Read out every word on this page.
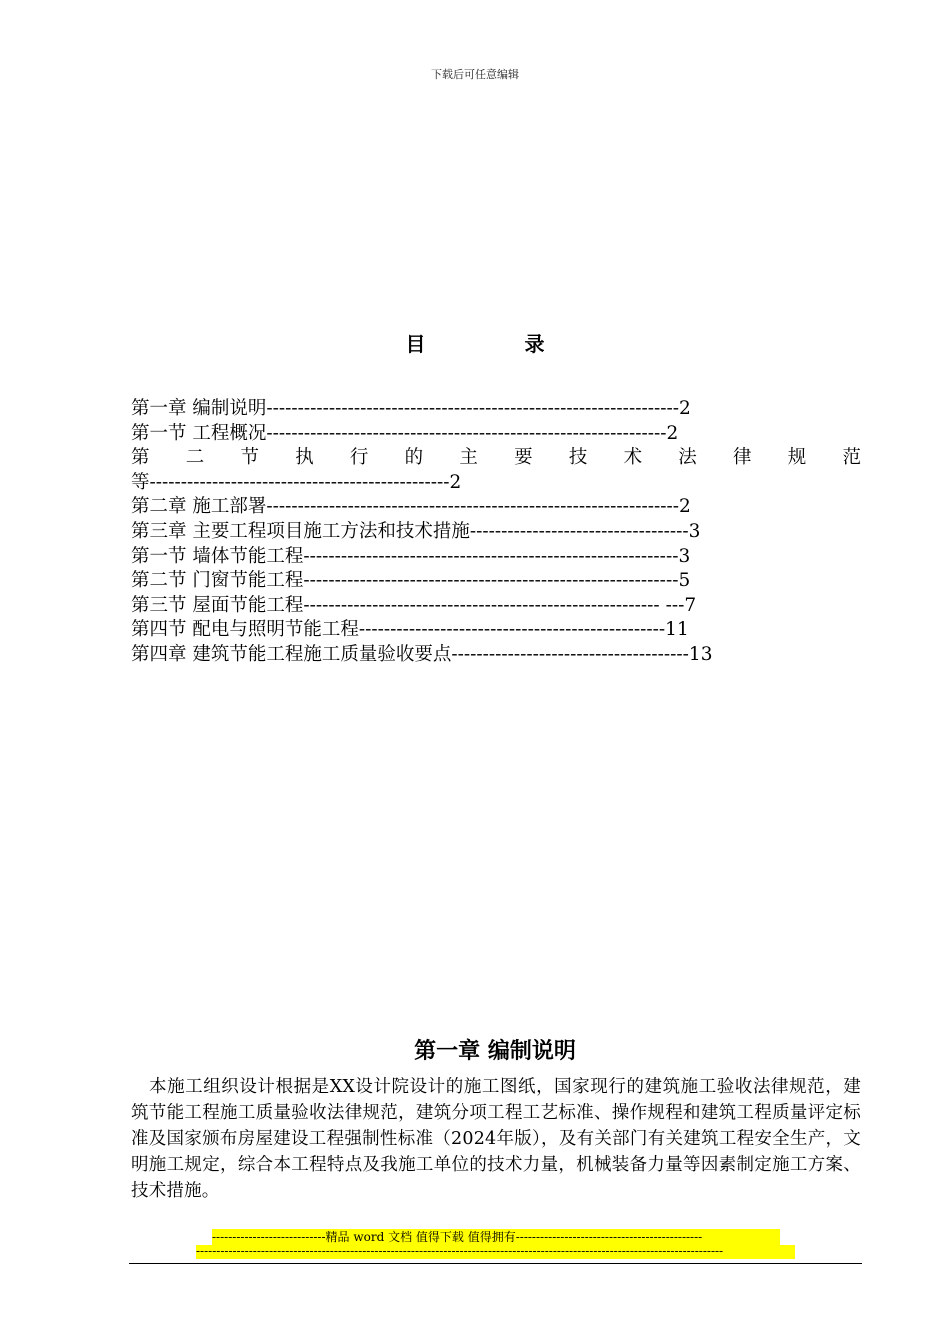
下载后可任意编辑
目 录
第一章 编制说明------------------------------------------------------------------2
第一节 工程概况----------------------------------------------------------------2
第 二 节 执 行 的 主 要 技 术 法 律 规 范
等------------------------------------------------2
第二章 施工部署------------------------------------------------------------------2
第三章 主要工程项目施工方法和技术措施-----------------------------------3
第一节 墙体节能工程------------------------------------------------------------3
第二节 门窗节能工程------------------------------------------------------------5
第三节 屋面节能工程--------------------------------------------------------- ---7
第四节 配电与照明节能工程-------------------------------------------------11
第四章 建筑节能工程施工质量验收要点--------------------------------------13
第一章 编制说明
本施工组织设计根据是XX设计院设计的施工图纸，国家现行的建筑施工验收法律规范，建筑节能工程施工质量验收法律规范，建筑分项工程工艺标准、操作规程和建筑工程质量评定标准及国家颁布房屋建设工程强制性标准（2024年版），及有关部门有关建筑工程安全生产，文明施工规定，综合本工程特点及我施工单位的技术力量，机械装备力量等因素制定施工方案、技术措施。
----------------------------精品 word 文档 值得下载 值得拥有----------------------------------------------
----------------------------------------------------------------------------------------------------------------------------------
